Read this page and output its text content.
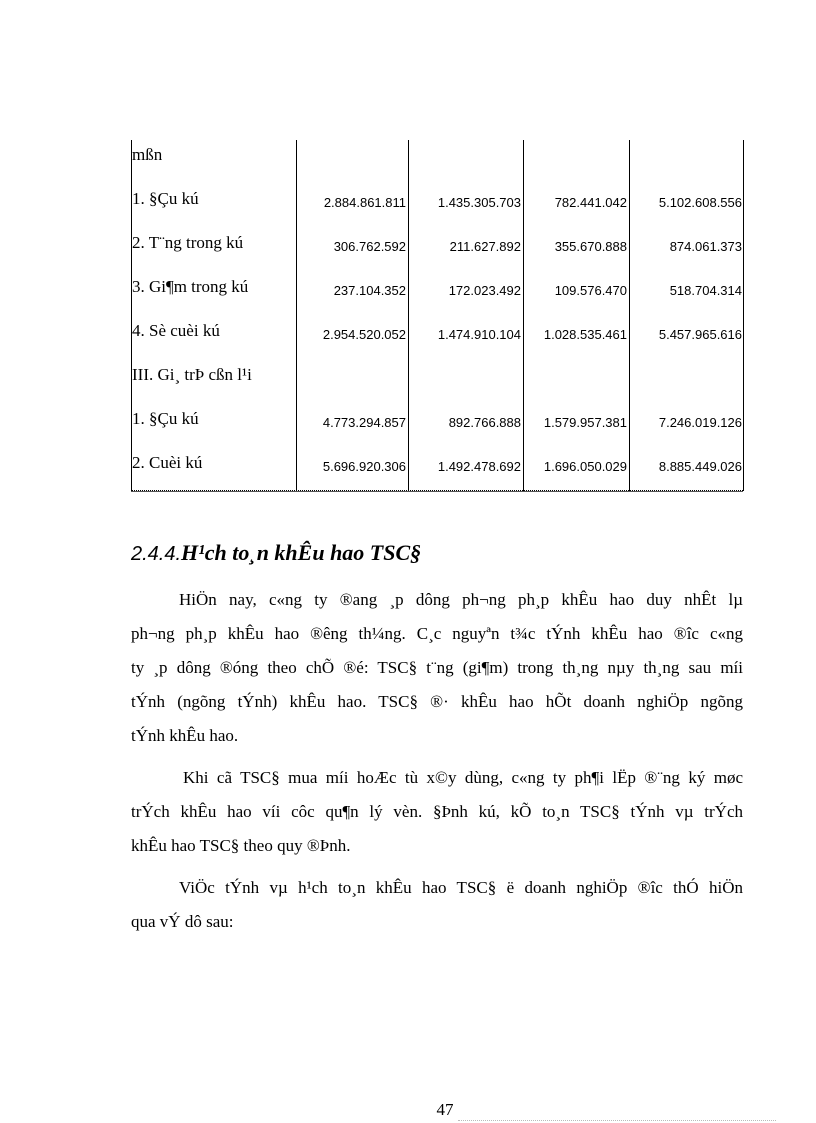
mßn
1. §Çu kú	2.884.861.811	1.435.305.703	782.441.042	5.102.608.556
2. T¨ng trong kú	306.762.592	211.627.892	355.670.888	874.061.373
3. Gi¶m trong kú	237.104.352	172.023.492	109.576.470	518.704.314
4. Sè cuèi kú	2.954.520.052	1.474.910.104	1.028.535.461	5.457.965.616
III. Gi¸ trÞ cßn l¹i
1. §Çu kú	4.773.294.857	892.766.888	1.579.957.381	7.246.019.126
2. Cuèi kú	5.696.920.306	1.492.478.692	1.696.050.029	8.885.449.026
2.4.4.H¹ch to¸n khÊu hao TSC§
HiÖn nay, c«ng ty ®ang ¸p dông ph¬ng ph¸p khÊu hao duy nhÊt lµ
ph¬ng ph¸p khÊu hao ®êng th¼ng. C¸c nguyªn t¾c tÝnh khÊu hao ®îc c«ng
ty ¸p dông ®óng theo chÕ ®é: TSC§ t¨ng (gi¶m) trong th¸ng nµy th¸ng sau míi
tÝnh (ngõng tÝnh) khÊu hao. TSC§ ®· khÊu hao hÕt doanh nghiÖp ngõng
tÝnh khÊu hao.
Khi cã TSC§ mua míi hoÆc tù x©y dùng, c«ng ty ph¶i lËp ®¨ng ký møc
trÝch khÊu hao víi côc qu¶n lý vèn. §Þnh kú, kÕ to¸n TSC§ tÝnh vµ trÝch
khÊu hao TSC§ theo quy ®Þnh.
ViÖc tÝnh vµ h¹ch to¸n khÊu hao TSC§ ë doanh nghiÖp ®îc thÓ hiÖn
qua vÝ dô sau:
47
